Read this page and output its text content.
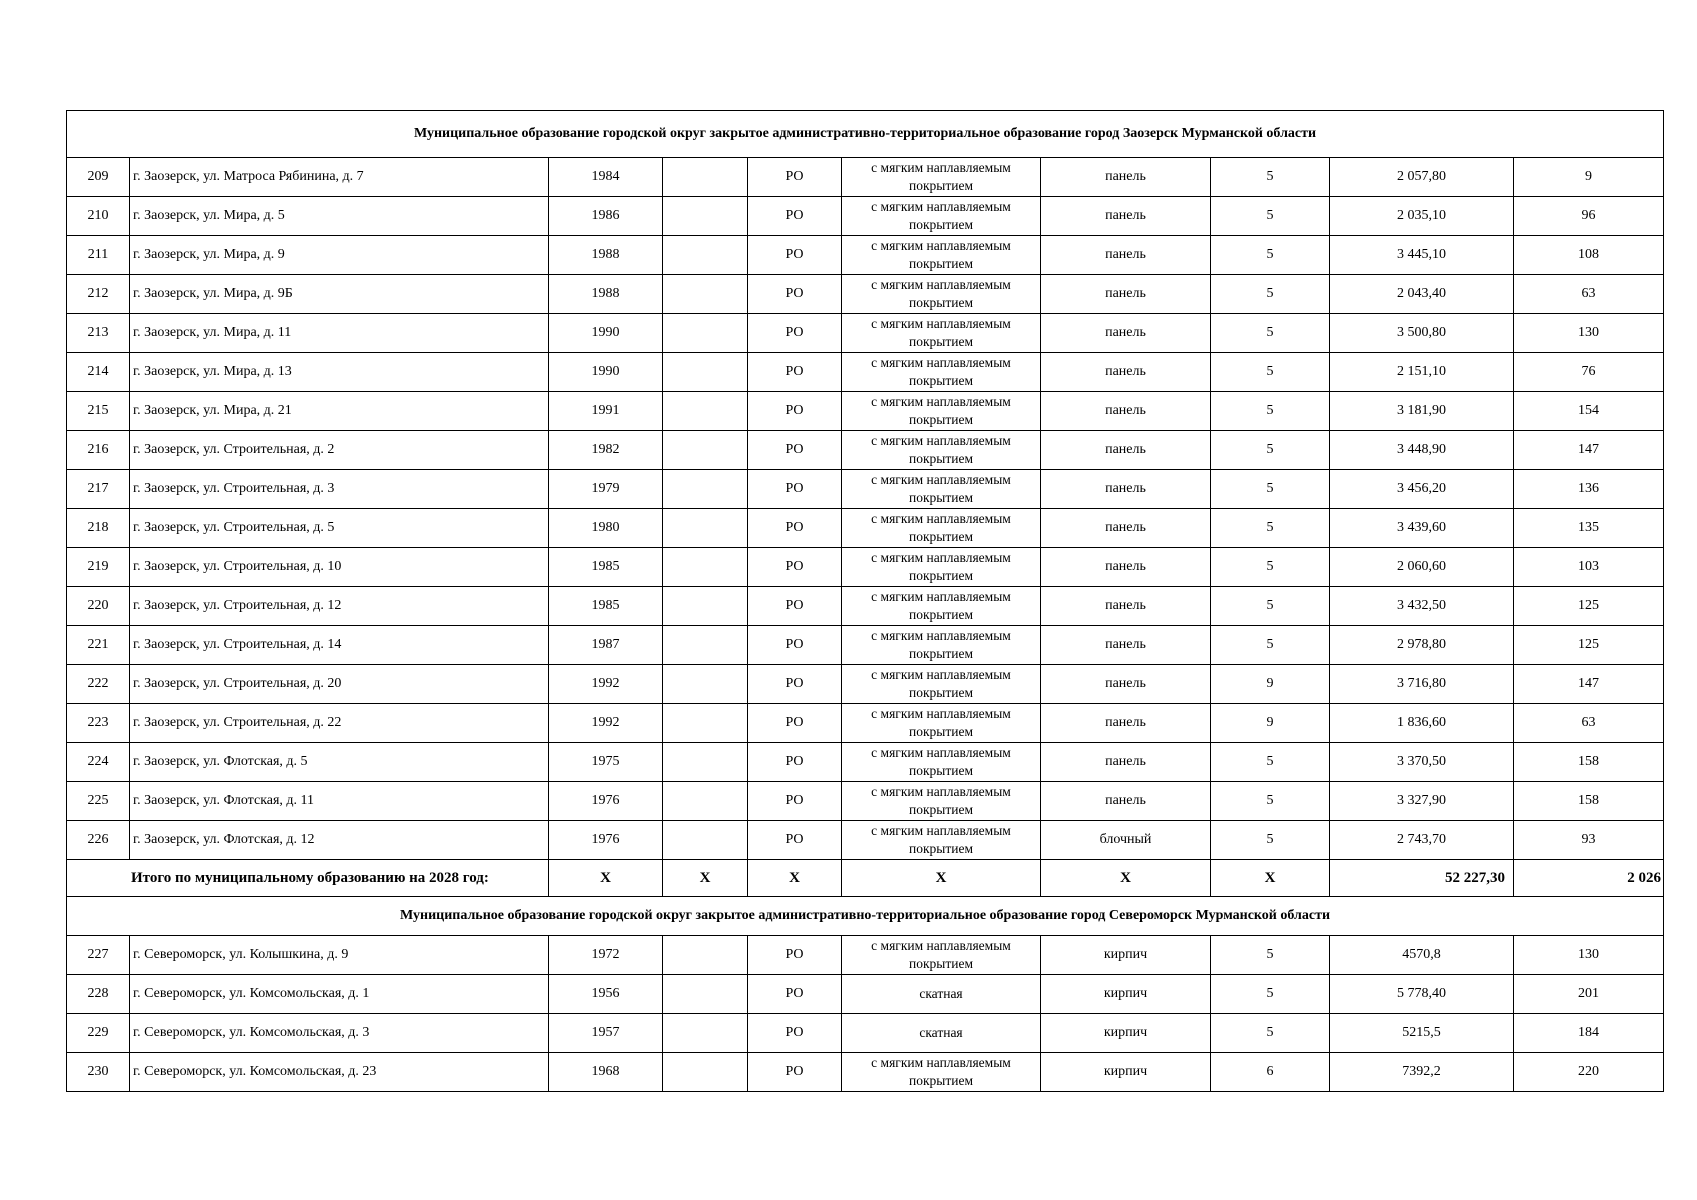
Муниципальное образование городской округ закрытое административно-территориальное образование город Заозерск Мурманской области									
209	г. Заозерск, ул. Матроса Рябинина, д. 7	1984		РО	с мягким наплавляемым
покрытием	панель	5	2 057,80	9
210	г. Заозерск, ул. Мира, д. 5	1986		РО	с мягким наплавляемым
покрытием	панель	5	2 035,10	96
211	г. Заозерск, ул. Мира, д. 9	1988		РО	с мягким наплавляемым
покрытием	панель	5	3 445,10	108
212	г. Заозерск, ул. Мира, д. 9Б	1988		РО	с мягким наплавляемым
покрытием	панель	5	2 043,40	63
213	г. Заозерск, ул. Мира, д. 11	1990		РО	с мягким наплавляемым
покрытием	панель	5	3 500,80	130
214	г. Заозерск, ул. Мира, д. 13	1990		РО	с мягким наплавляемым
покрытием	панель	5	2 151,10	76
215	г. Заозерск, ул. Мира, д. 21	1991		РО	с мягким наплавляемым
покрытием	панель	5	3 181,90	154
216	г. Заозерск, ул. Строительная, д. 2	1982		РО	с мягким наплавляемым
покрытием	панель	5	3 448,90	147
217	г. Заозерск, ул. Строительная, д. 3	1979		РО	с мягким наплавляемым
покрытием	панель	5	3 456,20	136
218	г. Заозерск, ул. Строительная, д. 5	1980		РО	с мягким наплавляемым
покрытием	панель	5	3 439,60	135
219	г. Заозерск, ул. Строительная, д. 10	1985		РО	с мягким наплавляемым
покрытием	панель	5	2 060,60	103
220	г. Заозерск, ул. Строительная, д. 12	1985		РО	с мягким наплавляемым
покрытием	панель	5	3 432,50	125
221	г. Заозерск, ул. Строительная, д. 14	1987		РО	с мягким наплавляемым
покрытием	панель	5	2 978,80	125
222	г. Заозерск, ул. Строительная, д. 20	1992		РО	с мягким наплавляемым
покрытием	панель	9	3 716,80	147
223	г. Заозерск, ул. Строительная, д. 22	1992		РО	с мягким наплавляемым
покрытием	панель	9	1 836,60	63
224	г. Заозерск, ул. Флотская, д. 5	1975		РО	с мягким наплавляемым
покрытием	панель	5	3 370,50	158
225	г. Заозерск, ул. Флотская, д. 11	1976		РО	с мягким наплавляемым
покрытием	панель	5	3 327,90	158
226	г. Заозерск, ул. Флотская, д. 12	1976		РО	с мягким наплавляемым
покрытием	блочный	5	2 743,70	93
Итого по муниципальному образованию на 2028 год:		Х	Х	Х	Х	Х	Х	52 227,30	2 026
Муниципальное образование городской округ закрытое административно-территориальное образование город Североморск Мурманской области									
227	г. Североморск, ул. Колышкина, д. 9	1972		РО	с мягким наплавляемым
покрытием	кирпич	5	4570,8	130
228	г. Североморск, ул. Комсомольская, д. 1	1956		РО	скатная	кирпич	5	5 778,40	201
229	г. Североморск, ул. Комсомольская, д. 3	1957		РО	скатная	кирпич	5	5215,5	184
230	г. Североморск, ул. Комсомольская, д. 23	1968		РО	с мягким наплавляемым
покрытием	кирпич	6	7392,2	220
